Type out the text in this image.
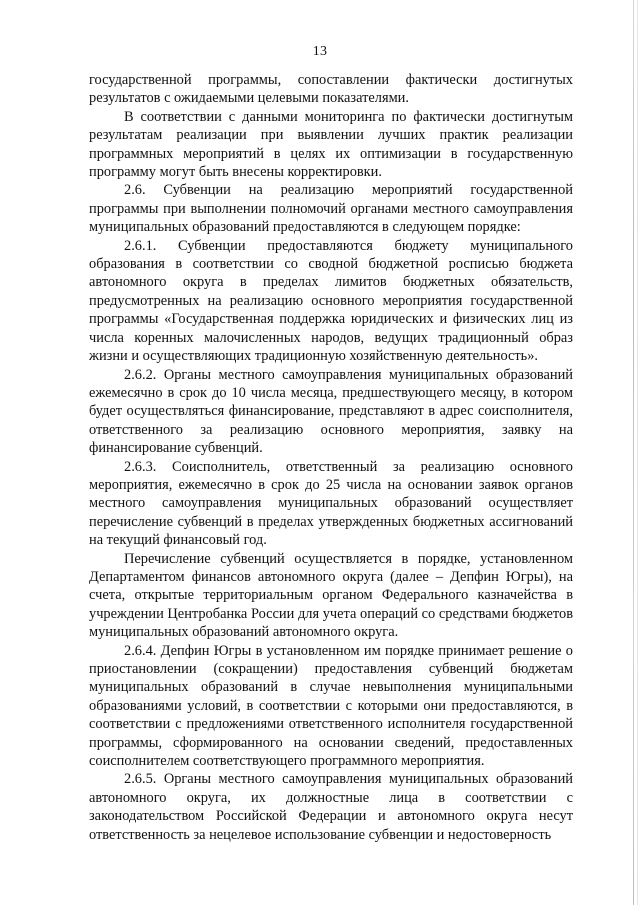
13

государственной программы, сопоставлении фактически достигнутых результатов с ожидаемыми целевыми показателями.

В соответствии с данными мониторинга по фактически достигнутым результатам реализации при выявлении лучших практик реализации программных мероприятий в целях их оптимизации в государственную программу могут быть внесены корректировки.

2.6. Субвенции на реализацию мероприятий государственной программы при выполнении полномочий органами местного самоуправления муниципальных образований предоставляются в следующем порядке:

2.6.1. Субвенции предоставляются бюджету муниципального образования в соответствии со сводной бюджетной росписью бюджета автономного округа в пределах лимитов бюджетных обязательств, предусмотренных на реализацию основного мероприятия государственной программы «Государственная поддержка юридических и физических лиц из числа коренных малочисленных народов, ведущих традиционный образ жизни и осуществляющих традиционную хозяйственную деятельность».

2.6.2. Органы местного самоуправления муниципальных образований ежемесячно в срок до 10 числа месяца, предшествующего месяцу, в котором будет осуществляться финансирование, представляют в адрес соисполнителя, ответственного за реализацию основного мероприятия, заявку на финансирование субвенций.

2.6.3. Соисполнитель, ответственный за реализацию основного мероприятия, ежемесячно в срок до 25 числа на основании заявок органов местного самоуправления муниципальных образований осуществляет перечисление субвенций в пределах утвержденных бюджетных ассигнований на текущий финансовый год.

Перечисление субвенций осуществляется в порядке, установленном Департаментом финансов автономного округа (далее – Депфин Югры), на счета, открытые территориальным органом Федерального казначейства в учреждении Центробанка России для учета операций со средствами бюджетов муниципальных образований автономного округа.

2.6.4. Депфин Югры в установленном им порядке принимает решение о приостановлении (сокращении) предоставления субвенций бюджетам муниципальных образований в случае невыполнения муниципальными образованиями условий, в соответствии с которыми они предоставляются, в соответствии с предложениями ответственного исполнителя государственной программы, сформированного на основании сведений, предоставленных соисполнителем соответствующего программного мероприятия.

2.6.5. Органы местного самоуправления муниципальных образований автономного округа, их должностные лица в соответствии с законодательством Российской Федерации и автономного округа несут ответственность за нецелевое использование субвенции и недостоверность
